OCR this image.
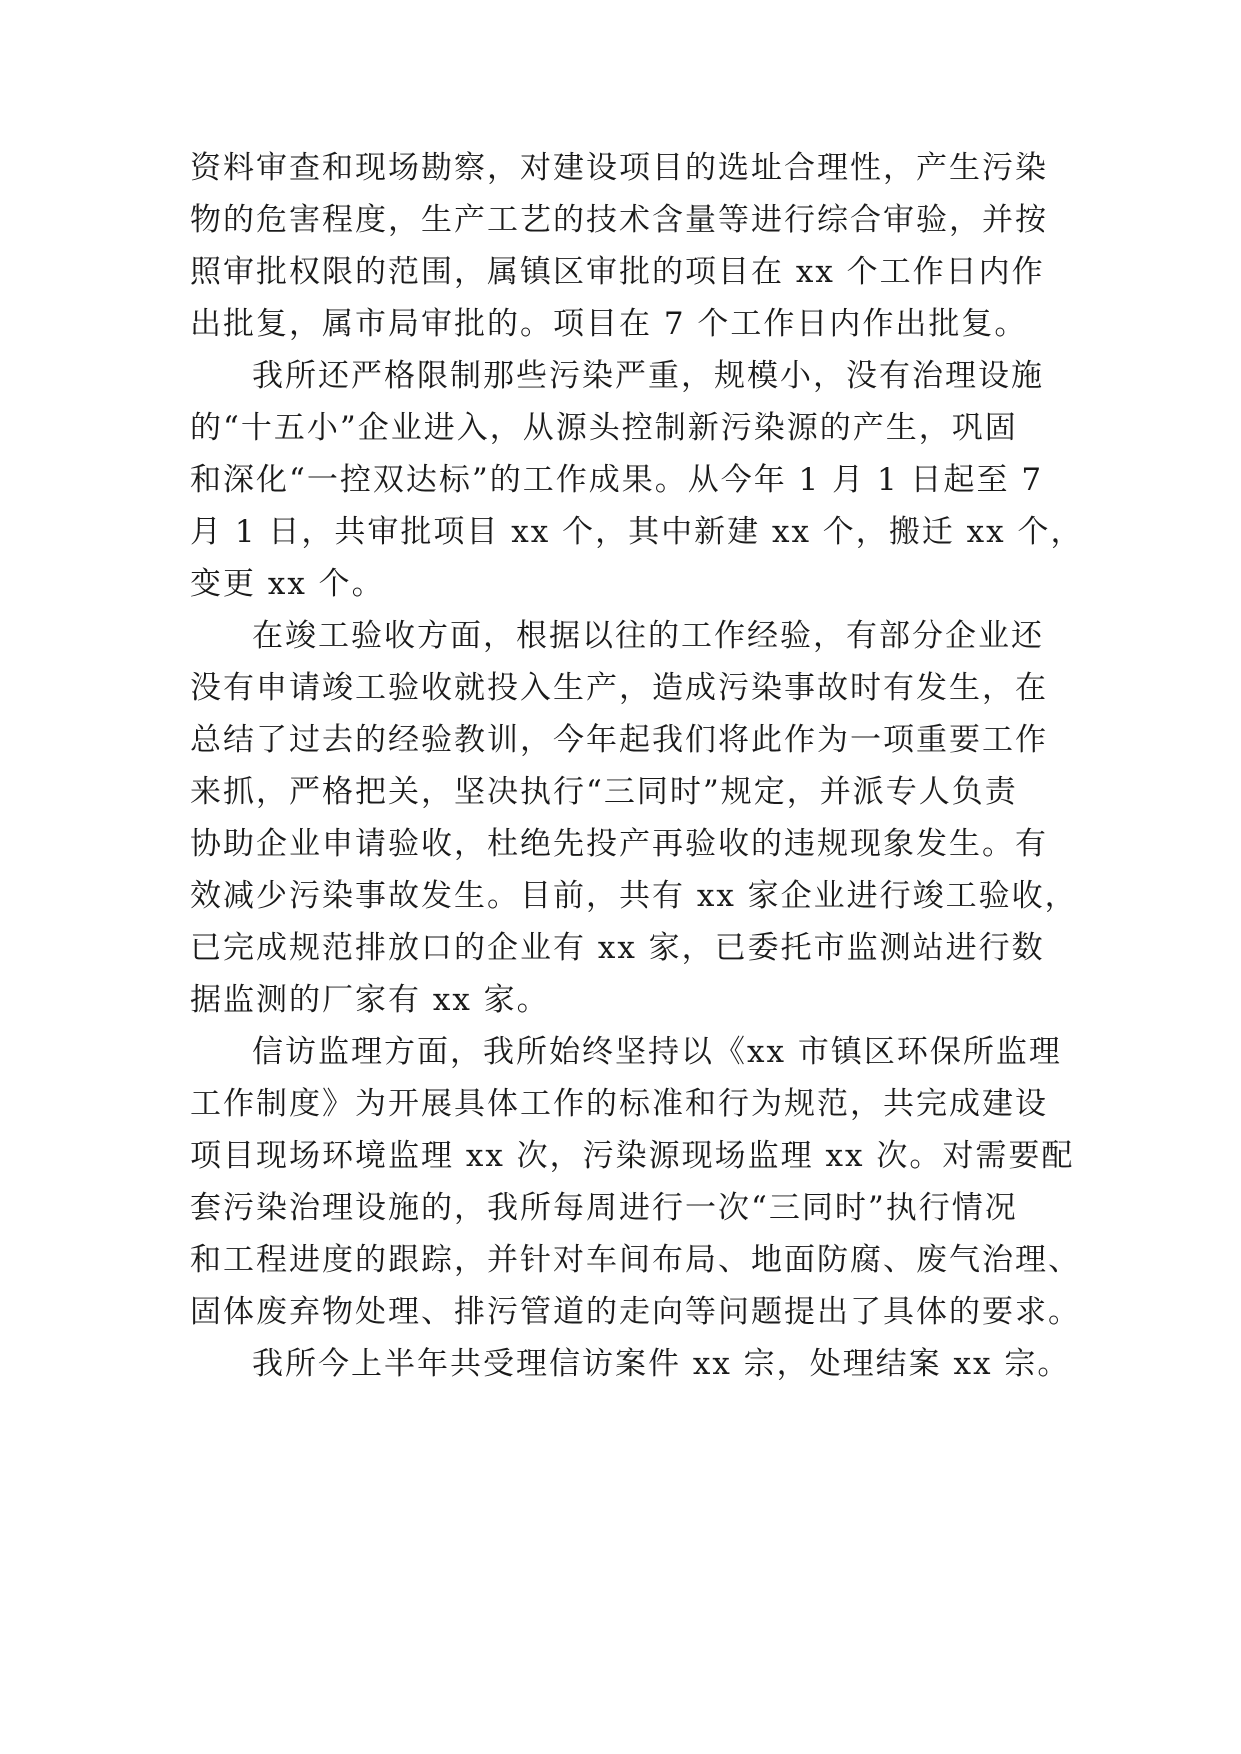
资料审查和现场勘察，对建设项目的选址合理性，产生污染
物的危害程度，生产工艺的技术含量等进行综合审验，并按
照审批权限的范围，属镇区审批的项目在 xx 个工作日内作
出批复，属市局审批的。项目在 7 个工作日内作出批复。
我所还严格限制那些污染严重，规模小，没有治理设施
的“十五小”企业进入，从源头控制新污染源的产生，巩固
和深化“一控双达标”的工作成果。从今年 1 月 1 日起至 7
月 1 日，共审批项目 xx 个，其中新建 xx 个，搬迁 xx 个，
变更 xx 个。
在竣工验收方面，根据以往的工作经验，有部分企业还
没有申请竣工验收就投入生产，造成污染事故时有发生，在
总结了过去的经验教训，今年起我们将此作为一项重要工作
来抓，严格把关，坚决执行“三同时”规定，并派专人负责
协助企业申请验收，杜绝先投产再验收的违规现象发生。有
效减少污染事故发生。目前，共有 xx 家企业进行竣工验收，
已完成规范排放口的企业有 xx 家，已委托市监测站进行数
据监测的厂家有 xx 家。
信访监理方面，我所始终坚持以《xx 市镇区环保所监理
工作制度》为开展具体工作的标准和行为规范，共完成建设
项目现场环境监理 xx 次，污染源现场监理 xx 次。对需要配
套污染治理设施的，我所每周进行一次“三同时”执行情况
和工程进度的跟踪，并针对车间布局、地面防腐、废气治理、
固体废弃物处理、排污管道的走向等问题提出了具体的要求。
我所今上半年共受理信访案件 xx 宗，处理结案 xx 宗。
